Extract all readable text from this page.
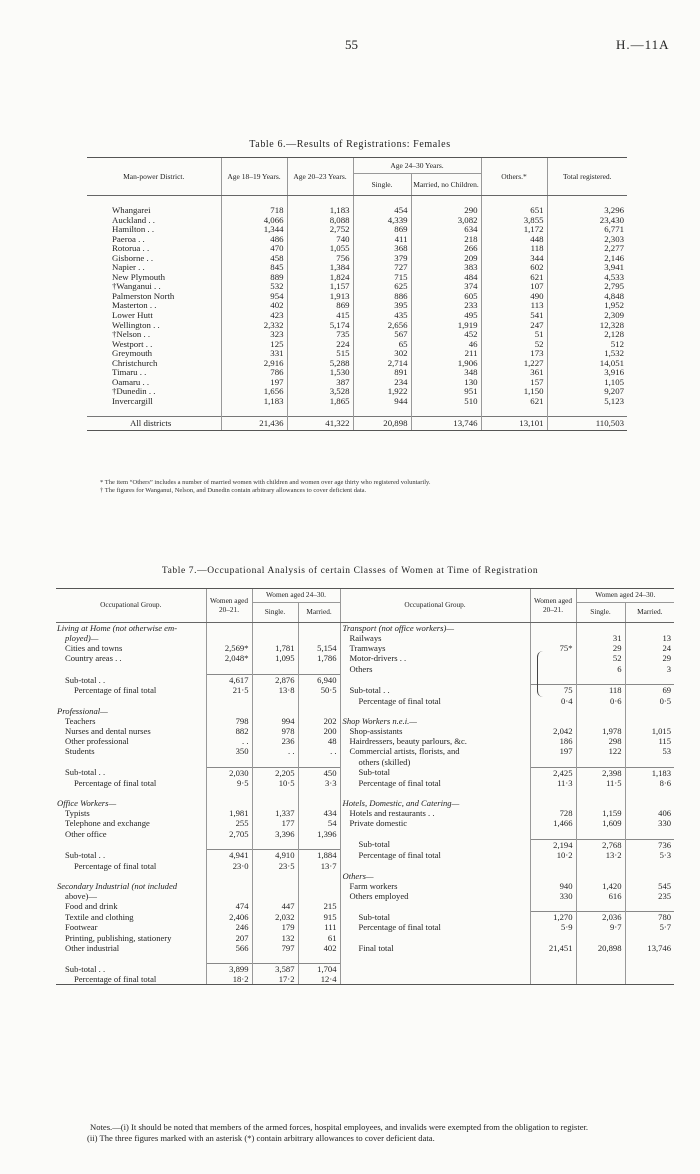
55	H.—11A
Table 6.—Results of Registrations: Females
Man-power District.	Age 18–19 Years.	Age 20–23 Years.	Age 24–30 Years.		Others.*	Total registered.
			Single.	Married, no Children.		

Whangarei	718	1,183	454	290	651	3,296
Auckland . .	4,066	8,088	4,339	3,082	3,855	23,430
Hamilton . .	1,344	2,752	869	634	1,172	6,771
Paeroa . .	486	740	411	218	448	2,303
Rotorua . .	470	1,055	368	266	118	2,277
Gisborne . .	458	756	379	209	344	2,146
Napier . .	845	1,384	727	383	602	3,941
New Plymouth	889	1,824	715	484	621	4,533
†Wanganui . .	532	1,157	625	374	107	2,795
Palmerston North	954	1,913	886	605	490	4,848
Masterton . .	402	869	395	233	113	1,952
Lower Hutt	423	415	435	495	541	2,309
Wellington . .	2,332	5,174	2,656	1,919	247	12,328
†Nelson . .	323	735	567	452	51	2,128
Westport . .	125	224	65	46	52	512
Greymouth	331	515	302	211	173	1,532
Christchurch	2,916	5,288	2,714	1,906	1,227	14,051
Timaru . .	786	1,530	891	348	361	3,916
Oamaru . .	197	387	234	130	157	1,105
†Dunedin . .	1,656	3,528	1,922	951	1,150	9,207
Invercargill	1,183	1,865	944	510	621	5,123

All districts	21,436	41,322	20,898	13,746	13,101	110,503
* The item “Others” includes a number of married women with children and women over age thirty who registered voluntarily.
† The figures for Wanganui, Nelson, and Dunedin contain arbitrary allowances to cover deficient data.
Table 7.—Occupational Analysis of certain Classes of Women at Time of Registration
Occupational Group.	Women aged 20–21.	Women aged 24–30.		Occupational Group.	Women aged 20–21.	Women aged 24–30.	
		Single.	Married.			Single.	Married.
Living at Home (not otherwise em-				Transport (not office workers)—			
ployed)—				Railways		31	13
Cities and towns	2,569*	1,781	5,154	Tramways	75*	29	24
Country areas . .	2,048*	1,095	1,786	Motor-drivers . .		52	29
				Others		6	3
Sub-total . .	4,617	2,876	6,940				
Percentage of final total	21·5	13·8	50·5	Sub-total . .	75	118	69
				Percentage of final total	0·4	0·6	0·5
Professional—							
Teachers	798	994	202	Shop Workers n.e.i.—			
Nurses and dental nurses	882	978	200	Shop-assistants	2,042	1,978	1,015
Other professional	. .	236	48	Hairdressers, beauty parlours, &c.	186	298	115
Students	350	. .	. .	Commercial artists, florists, and	197	122	53
				others (skilled)			
Sub-total . .	2,030	2,205	450	Sub-total	2,425	2,398	1,183
Percentage of final total	9·5	10·5	3·3	Percentage of final total	11·3	11·5	8·6

Office Workers—				Hotels, Domestic, and Catering—			
Typists	1,981	1,337	434	Hotels and restaurants . .	728	1,159	406
Telephone and exchange	255	177	54	Private domestic	1,466	1,609	330
Other office	2,705	3,396	1,396				
				Sub-total	2,194	2,768	736
Sub-total . .	4,941	4,910	1,884	Percentage of final total	10·2	13·2	5·3
Percentage of final total	23·0	23·5	13·7				
				Others—			
Secondary Industrial (not included				Farm workers	940	1,420	545
above)—				Others employed	330	616	235
Food and drink	474	447	215				
Textile and clothing	2,406	2,032	915	Sub-total	1,270	2,036	780
Footwear	246	179	111	Percentage of final total	5·9	9·7	5·7
Printing, publishing, stationery	207	132	61				
Other industrial	566	797	402	Final total	21,451	20,898	13,746

Sub-total . .	3,899	3,587	1,704				
Percentage of final total	18·2	17·2	12·4				
Notes.—(i) It should be noted that members of the armed forces, hospital employees, and invalids were exempted from the obligation to register.
(ii) The three figures marked with an asterisk (*) contain arbitrary allowances to cover deficient data.
